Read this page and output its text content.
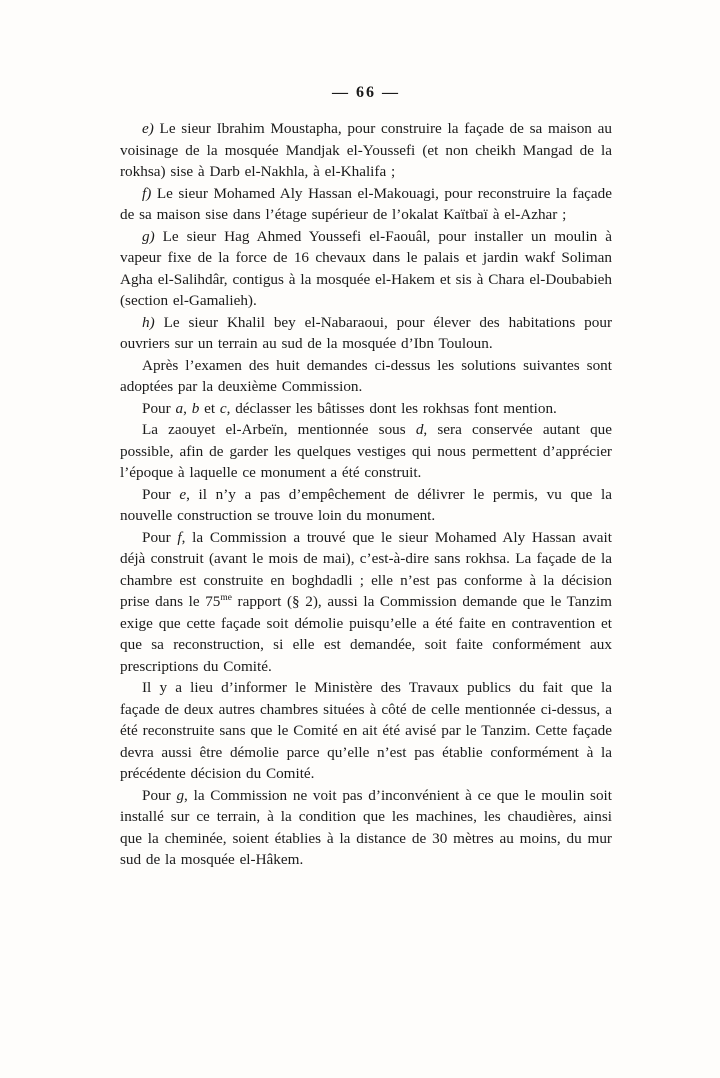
— 66 —

e) Le sieur Ibrahim Moustapha, pour construire la façade de sa maison au voisinage de la mosquée Mandjak el-Youssefi (et non cheikh Mangad de la rokhsa) sise à Darb el-Nakhla, à el-Khalifa ;

f) Le sieur Mohamed Aly Hassan el-Makouagi, pour reconstruire la façade de sa maison sise dans l’étage supérieur de l’okalat Kaïtbaï à el-Azhar ;

g) Le sieur Hag Ahmed Youssefi el-Faouâl, pour installer un moulin à vapeur fixe de la force de 16 chevaux dans le palais et jardin wakf Soliman Agha el-Salihdâr, contigus à la mosquée el-Hakem et sis à Chara el-Doubabieh (section el-Gamalieh).

h) Le sieur Khalil bey el-Nabaraoui, pour élever des habitations pour ouvriers sur un terrain au sud de la mosquée d’Ibn Touloun.

Après l’examen des huit demandes ci-dessus les solutions suivantes sont adoptées par la deuxième Commission.

Pour a, b et c, déclasser les bâtisses dont les rokhsas font mention.

La zaouyet el-Arbeïn, mentionnée sous d, sera conservée autant que possible, afin de garder les quelques vestiges qui nous permettent d’apprécier l’époque à laquelle ce monument a été construit.

Pour e, il n’y a pas d’empêchement de délivrer le permis, vu que la nouvelle construction se trouve loin du monument.

Pour f, la Commission a trouvé que le sieur Mohamed Aly Hassan avait déjà construit (avant le mois de mai), c’est-à-dire sans rokhsa. La façade de la chambre est construite en boghdadli ; elle n’est pas conforme à la décision prise dans le $75^{me}$ rapport (§ 2), aussi la Commission demande que le Tanzim exige que cette façade soit démolie puisqu’elle a été faite en contravention et que sa reconstruction, si elle est demandée, soit faite conformément aux prescriptions du Comité.

Il y a lieu d’informer le Ministère des Travaux publics du fait que la façade de deux autres chambres situées à côté de celle mentionnée ci-dessus, a été reconstruite sans que le Comité en ait été avisé par le Tanzim. Cette façade devra aussi être démolie parce qu’elle n’est pas établie conformément à la précédente décision du Comité.

Pour g, la Commission ne voit pas d’inconvénient à ce que le moulin soit installé sur ce terrain, à la condition que les machines, les chaudières, ainsi que la cheminée, soient établies à la distance de 30 mètres au moins, du mur sud de la mosquée el-Hâkem.
